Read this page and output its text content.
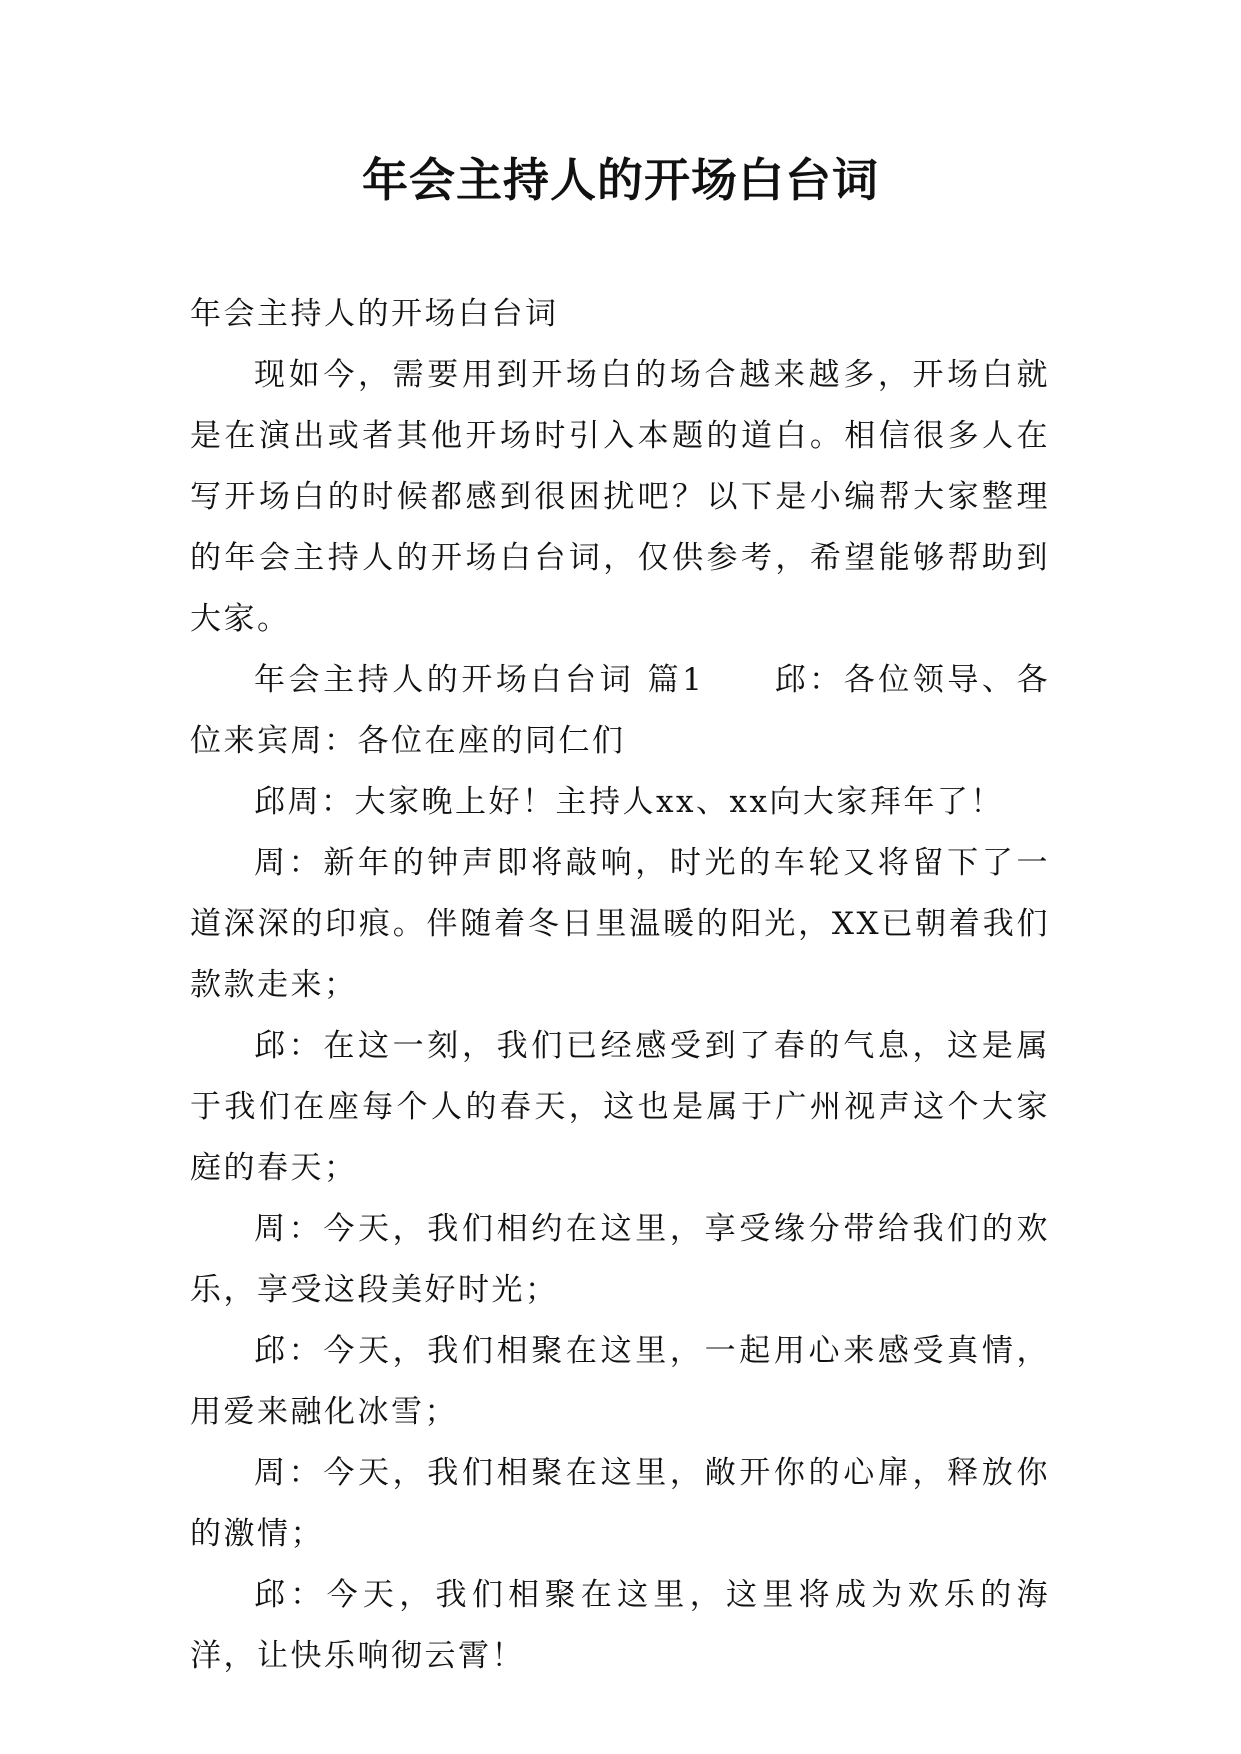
年会主持人的开场白台词

年会主持人的开场白台词

现如今，需要用到开场白的场合越来越多，开场白就是在演出或者其他开场时引入本题的道白。相信很多人在写开场白的时候都感到很困扰吧？以下是小编帮大家整理的年会主持人的开场白台词，仅供参考，希望能够帮助到大家。

年会主持人的开场白台词 篇1　　邱：各位领导、各位来宾周：各位在座的同仁们

邱周：大家晚上好！主持人xx、xx向大家拜年了！

周：新年的钟声即将敲响，时光的车轮又将留下了一道深深的印痕。伴随着冬日里温暖的阳光，XX已朝着我们款款走来；

邱：在这一刻，我们已经感受到了春的气息，这是属于我们在座每个人的春天，这也是属于广州视声这个大家庭的春天；

周：今天，我们相约在这里，享受缘分带给我们的欢乐，享受这段美好时光；

邱：今天，我们相聚在这里，一起用心来感受真情，用爱来融化冰雪；

周：今天，我们相聚在这里，敞开你的心扉，释放你的激情；

邱：今天，我们相聚在这里，这里将成为欢乐的海洋，让快乐响彻云霄！
